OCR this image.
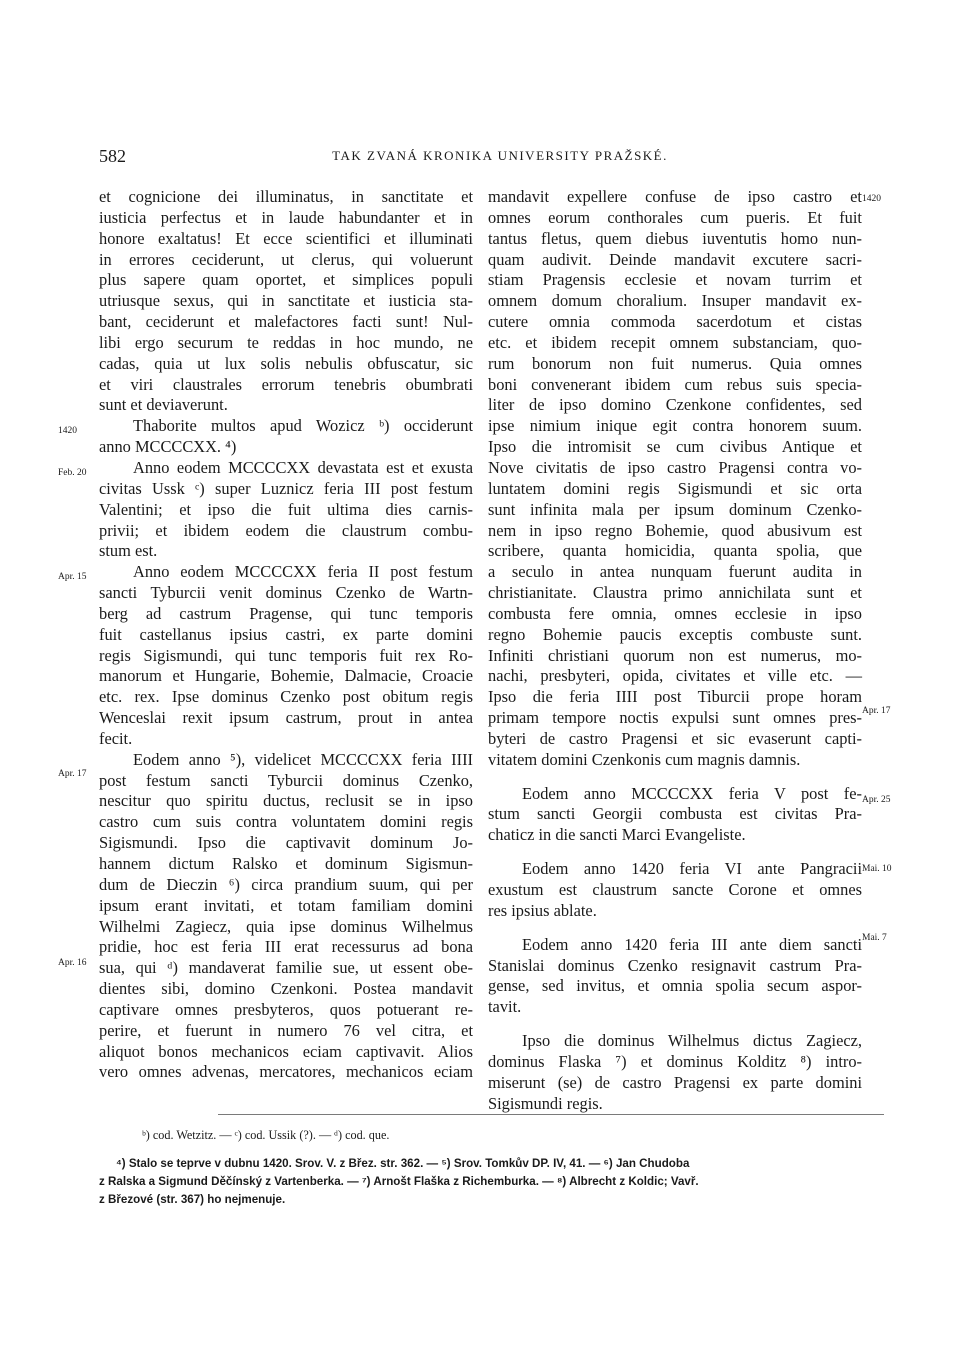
582	TAK ZVANÁ KRONIKA UNIVERSITY PRAŽSKÉ.
et cognicione dei illuminatus, in sanctitate et
iusticia perfectus et in laude habundanter et in
honore exaltatus! Et ecce scientifici et illuminati
in errores ceciderunt, ut clerus, qui voluerunt
plus sapere quam oportet, et simplices populi
utriusque sexus, qui in sanctitate et iusticia sta-
bant, ceciderunt et malefactores facti sunt! Nul-
libi ergo securum te reddas in hoc mundo, ne
cadas, quia ut lux solis nebulis obfuscatur, sic
et viri claustrales errorum tenebris obumbrati
sunt et deviaverunt.
Thaborite multos apud Wozicz ᵇ) occiderunt
anno MCCCCXX. ⁴)
Anno eodem MCCCCXX devastata est et exusta
civitas Ussk ᶜ) super Luznicz feria III post festum
Valentini; et ipso die fuit ultima dies carnis-
privii; et ibidem eodem die claustrum combu-
stum est.
Anno eodem MCCCCXX feria II post festum
sancti Tyburcii venit dominus Czenko de Wartn-
berg ad castrum Pragense, qui tunc temporis
fuit castellanus ipsius castri, ex parte domini
regis Sigismundi, qui tunc temporis fuit rex Ro-
manorum et Hungarie, Bohemie, Dalmacie, Croacie
etc. rex. Ipse dominus Czenko post obitum regis
Wenceslai rexit ipsum castrum, prout in antea
fecit.
Eodem anno ⁵), videlicet MCCCCXX feria IIII
post festum sancti Tyburcii dominus Czenko,
nescitur quo spiritu ductus, reclusit se in ipso
castro cum suis contra voluntatem domini regis
Sigismundi. Ipso die captivavit dominum Jo-
hannem dictum Ralsko et dominum Sigismun-
dum de Dieczin ⁶) circa prandium suum, qui per
ipsum erant invitati, et totam familiam domini
Wilhelmi Zagiecz, quia ipse dominus Wilhelmus
pridie, hoc est feria III erat recessurus ad bona
sua, qui ᵈ) mandaverat familie sue, ut essent obe-
dientes sibi, domino Czenkoni. Postea mandavit
captivare omnes presbyteros, quos potuerant re-
perire, et fuerunt in numero 76 vel citra, et
aliquot bonos mechanicos eciam captivavit. Alios
vero omnes advenas, mercatores, mechanicos eciam
mandavit expellere confuse de ipso castro et
omnes eorum conthorales cum pueris. Et fuit
tantus fletus, quem diebus iuventutis homo nun-
quam audivit. Deinde mandavit excutere sacri-
stiam Pragensis ecclesie et novam turrim et
omnem domum choralium. Insuper mandavit ex-
cutere omnia commoda sacerdotum et cistas
etc. et ibidem recepit omnem substanciam, quo-
rum bonorum non fuit numerus. Quia omnes
boni convenerant ibidem cum rebus suis specia-
liter de ipso domino Czenkone confidentes, sed
ipse nimium inique egit contra honorem suum.
Ipso die intromisit se cum civibus Antique et
Nove civitatis de ipso castro Pragensi contra vo-
luntatem domini regis Sigismundi et sic orta
sunt infinita mala per ipsum dominum Czenko-
nem in ipso regno Bohemie, quod abusivum est
scribere, quanta homicidia, quanta spolia, que
a seculo in antea nunquam fuerunt audita in
christianitate. Claustra primo annichilata sunt et
combusta fere omnia, omnes ecclesie in ipso
regno Bohemie paucis exceptis combuste sunt.
Infiniti christiani quorum non est numerus, mo-
nachi, presbyteri, opida, civitates et ville etc. —
Ipso die feria IIII post Tiburcii prope horam
primam tempore noctis expulsi sunt omnes pres-
byteri de castro Pragensi et sic evaserunt capti-
vitatem domini Czenkonis cum magnis damnis.
Eodem anno MCCCCXX feria V post fe-
stum sancti Georgii combusta est civitas Pra-
chaticz in die sancti Marci Evangeliste.
Eodem anno 1420 feria VI ante Pangracii
exustum est claustrum sancte Corone et omnes
res ipsius ablate.
Eodem anno 1420 feria III ante diem sancti
Stanislai dominus Czenko resignavit castrum Pra-
gense, sed invitus, et omnia spolia secum aspor-
tavit.
Ipso die dominus Wilhelmus dictus Zagiecz,
dominus Flaska ⁷) et dominus Kolditz ⁸) intro-
miserunt (se) de castro Pragensi ex parte domini
Sigismundi regis.
1420
Feb. 20
Apr. 15
Apr. 17
Apr. 16
1420
Apr. 17
Apr. 25
Mai. 10
Mai. 7
ᵇ) cod. Wetzitz. — ᶜ) cod. Ussik (?). — ᵈ) cod. que.
⁴) Stalo se teprve v dubnu 1420. Srov. V. z Břez. str. 362. — ⁵) Srov. Tomkův DP. IV, 41. — ⁶) Jan Chudoba
z Ralska a Sigmund Děčínský z Vartenberka. — ⁷) Arnošt Flaška z Richemburka. — ⁸) Albrecht z Koldic; Vavř.
z Březové (str. 367) ho nejmenuje.
